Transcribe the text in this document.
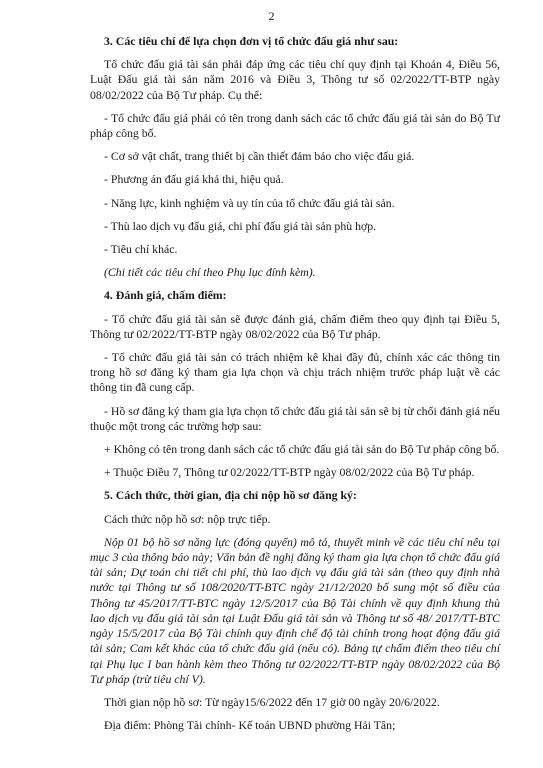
2

3. Các tiêu chí để lựa chọn đơn vị tổ chức đấu giá như sau:

Tổ chức đấu giá tài sản phải đáp ứng các tiêu chí quy định tại Khoản 4, Điều 56, Luật Đấu giá tài sản năm 2016 và Điều 3, Thông tư số 02/2022/TT-BTP ngày 08/02/2022 của Bộ Tư pháp. Cụ thể:

- Tổ chức đấu giá phải có tên trong danh sách các tổ chức đấu giá tài sản do Bộ Tư pháp công bố.

- Cơ sở vật chất, trang thiết bị cần thiết đảm bảo cho việc đấu giá.

- Phương án đấu giá khả thi, hiệu quả.

- Năng lực, kinh nghiệm và uy tín của tổ chức đấu giá tài sản.

- Thù lao dịch vụ đấu giá, chi phí đấu giá tài sản phù hợp.

- Tiêu chí khác.

(Chi tiết các tiêu chí theo Phụ lục đính kèm).

4. Đánh giá, chấm điểm:

- Tổ chức đấu giá tài sản sẽ được đánh giá, chấm điểm theo quy định tại Điều 5, Thông tư 02/2022/TT-BTP ngày 08/02/2022 của Bộ Tư pháp.

- Tổ chức đấu giá tài sản có trách nhiệm kê khai đầy đủ, chính xác các thông tin trong hồ sơ đăng ký tham gia lựa chọn và chịu trách nhiệm trước pháp luật về các thông tin đã cung cấp.

- Hồ sơ đăng ký tham gia lựa chọn tổ chức đấu giá tài sản sẽ bị từ chối đánh giá nếu thuộc một trong các trường hợp sau:

+ Không có tên trong danh sách các tổ chức đấu giá tài sản do Bộ Tư pháp công bố.

+ Thuộc Điều 7, Thông tư 02/2022/TT-BTP ngày 08/02/2022 của Bộ Tư pháp.

5. Cách thức, thời gian, địa chỉ nộp hồ sơ đăng ký:

Cách thức nộp hồ sơ: nộp trực tiếp.

Nộp 01 bộ hồ sơ năng lực (đóng quyển) mô tả, thuyết minh về các tiêu chí nêu tại mục 3 của thông báo này; Văn bản đề nghị đăng ký tham gia lựa chọn tổ chức đấu giá tài sản; Dự toán chi tiết chi phí, thù lao dịch vụ đấu giá tài sản (theo quy định nhà nước tại Thông tư số 108/2020/TT-BTC ngày 21/12/2020 bổ sung một số điều của Thông tư 45/2017/TT-BTC ngày 12/5/2017 của Bộ Tài chính về quy định khung thù lao dịch vụ đấu giá tài sản tại Luật Đấu giá tài sản và Thông tư số 48/ 2017/TT-BTC ngày 15/5/2017 của Bộ Tài chính quy định chế độ tài chính trong hoạt động đấu giá tài sản; Cam kết khác của tổ chức đấu giá (nếu có). Bảng tự chấm điểm theo tiêu chí tại Phụ lục I ban hành kèm theo Thông tư 02/2022/TT-BTP ngày 08/02/2022 của Bộ Tư pháp (trừ tiêu chí V).

Thời gian nộp hồ sơ: Từ ngày15/6/2022 đến 17 giờ 00 ngày 20/6/2022.

Địa điểm: Phòng Tài chính- Kế toán UBND phường Hải Tân;
